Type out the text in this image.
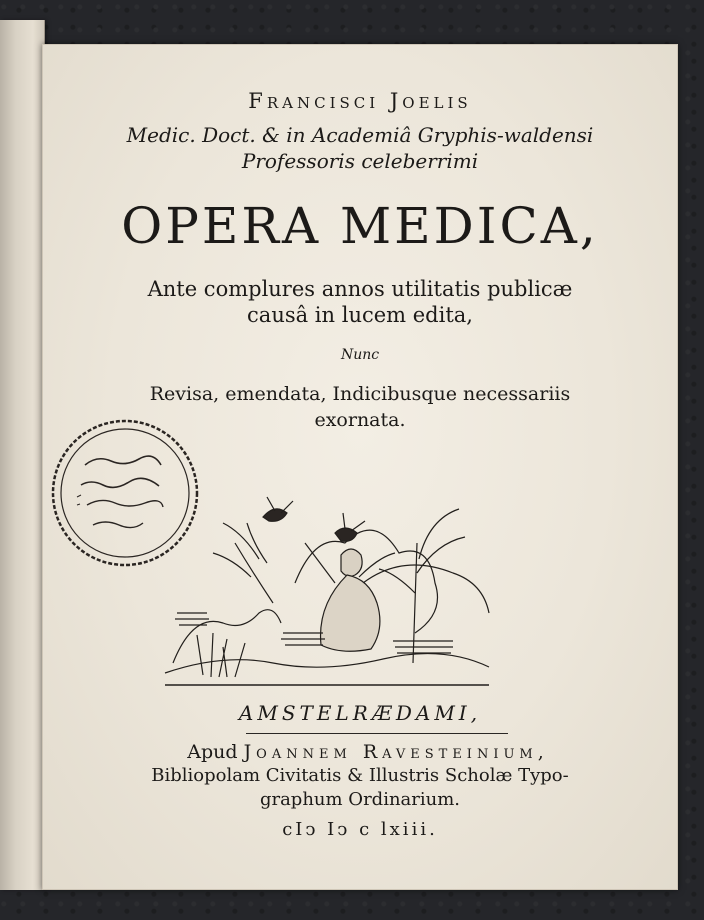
Francisci Joelis
Medic. Doct. & in Academiâ Gryphis-waldensi
Professoris celeberrimi
OPERA MEDICA,
Ante complures annos utilitatis publicæ
causâ in lucem edita,
Nunc
Revisa, emendata, Indicibusque necessariis
exornata.
AMSTELRÆDAMI,
Apud Joannem Ravesteinium,
Bibliopolam Civitatis & Illustris Scholæ Typo-
graphum Ordinarium.
cIↄ Iↄ c lxiii.
